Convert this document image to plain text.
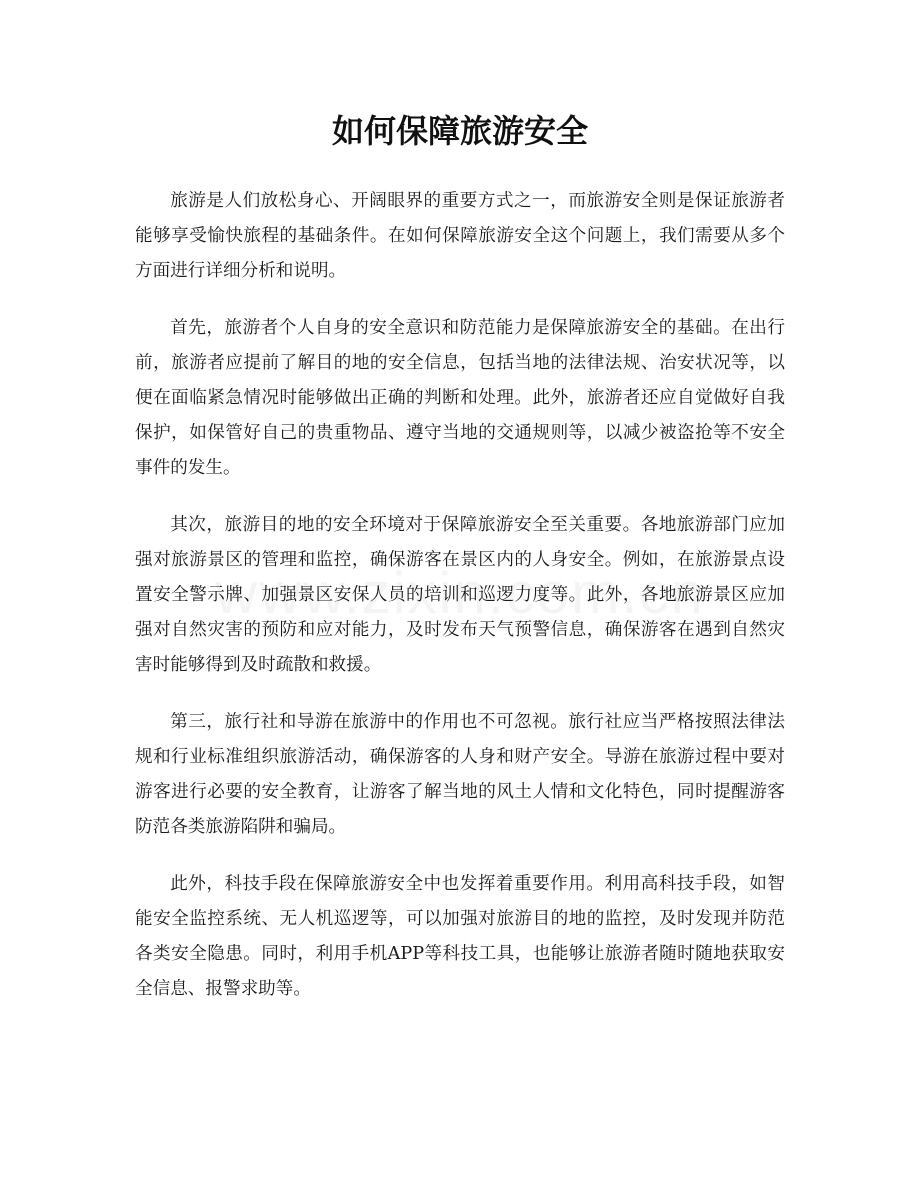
如何保障旅游安全

旅游是人们放松身心、开阔眼界的重要方式之一，而旅游安全则是保证旅游者能够享受愉快旅程的基础条件。在如何保障旅游安全这个问题上，我们需要从多个方面进行详细分析和说明。

首先，旅游者个人自身的安全意识和防范能力是保障旅游安全的基础。在出行前，旅游者应提前了解目的地的安全信息，包括当地的法律法规、治安状况等，以便在面临紧急情况时能够做出正确的判断和处理。此外，旅游者还应自觉做好自我保护，如保管好自己的贵重物品、遵守当地的交通规则等，以减少被盗抢等不安全事件的发生。

其次，旅游目的地的安全环境对于保障旅游安全至关重要。各地旅游部门应加强对旅游景区的管理和监控，确保游客在景区内的人身安全。例如，在旅游景点设置安全警示牌、加强景区安保人员的培训和巡逻力度等。此外，各地旅游景区应加强对自然灾害的预防和应对能力，及时发布天气预警信息，确保游客在遇到自然灾害时能够得到及时疏散和救援。

第三，旅行社和导游在旅游中的作用也不可忽视。旅行社应当严格按照法律法规和行业标准组织旅游活动，确保游客的人身和财产安全。导游在旅游过程中要对游客进行必要的安全教育，让游客了解当地的风土人情和文化特色，同时提醒游客防范各类旅游陷阱和骗局。

此外，科技手段在保障旅游安全中也发挥着重要作用。利用高科技手段，如智能安全监控系统、无人机巡逻等，可以加强对旅游目的地的监控，及时发现并防范各类安全隐患。同时，利用手机APP等科技工具，也能够让旅游者随时随地获取安全信息、报警求助等。
